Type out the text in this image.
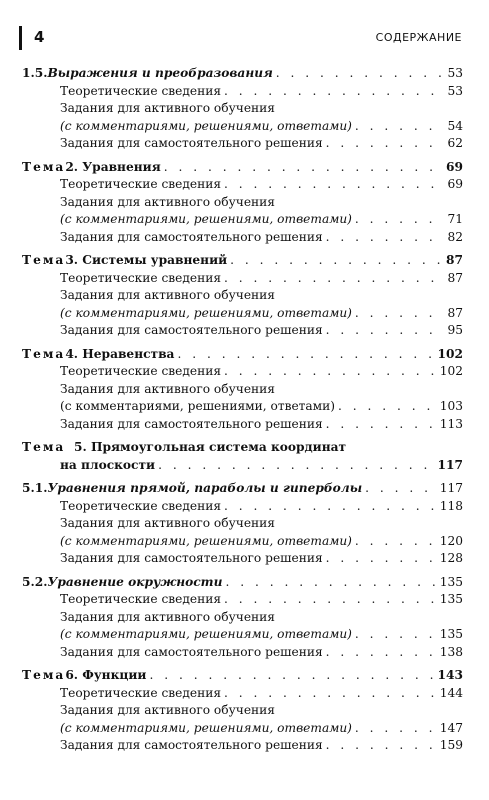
4	СОДЕРЖАНИЕ
1.5. Выражения и преобразования . . .	53
Теоретические сведения . . .	53
Задания для активного обучения
(с комментариями, решениями, ответами) . . .	54
Задания для самостоятельного решения . . .	62
Тема 2. Уравнения . . .	69
Теоретические сведения . . .	69
Задания для активного обучения
(с комментариями, решениями, ответами) . . .	71
Задания для самостоятельного решения . . .	82
Тема 3. Системы уравнений . . .	87
Теоретические сведения . . .	87
Задания для активного обучения
(с комментариями, решениями, ответами) . . .	87
Задания для самостоятельного решения . . .	95
Тема 4. Неравенства . . .	102
Теоретические сведения . . .	102
Задания для активного обучения
(с комментариями, решениями, ответами) . . .	103
Задания для самостоятельного решения . . .	113
Тема 5. Прямоугольная система координат
на плоскости . . .	117
5.1. Уравнения прямой, параболы и гиперболы . . .	117
Теоретические сведения . . .	118
Задания для активного обучения
(с комментариями, решениями, ответами) . . .	120
Задания для самостоятельного решения . . .	128
5.2. Уравнение окружности . . .	135
Теоретические сведения . . .	135
Задания для активного обучения
(с комментариями, решениями, ответами) . . .	135
Задания для самостоятельного решения . . .	138
Тема 6. Функции . . .	143
Теоретические сведения . . .	144
Задания для активного обучения
(с комментариями, решениями, ответами) . . .	147
Задания для самостоятельного решения . . .	159
